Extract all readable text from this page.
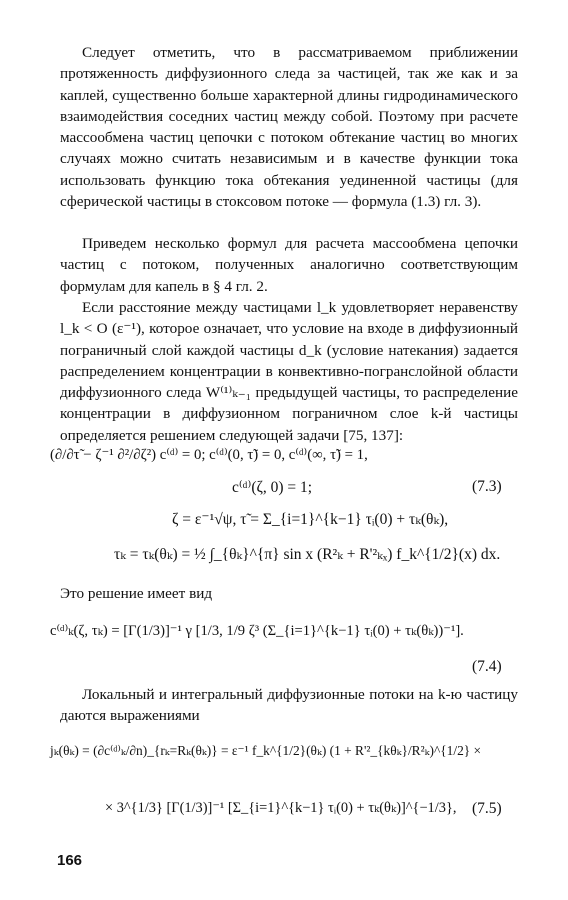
Следует отметить, что в рассматриваемом приближении протяженность диффузионного следа за частицей, так же как и за каплей, существенно больше характерной длины гидродинамического взаимодействия соседних частиц между собой. Поэтому при расчете массообмена частиц цепочки с потоком обтекание частиц во многих случаях можно считать независимым и в качестве функции тока использовать функцию тока обтекания уединенной частицы (для сферической частицы в стоксовом потоке — формула (1.3) гл. 3).

Приведем несколько формул для расчета массообмена цепочки частиц с потоком, полученных аналогично соответствующим формулам для капель в § 4 гл. 2.

Если расстояние между частицами l_k удовлетворяет неравенству l_k < O (ε⁻¹), которое означает, что условие на входе в диффузионный пограничный слой каждой частицы d_k (условие натекания) задается распределением концентрации в конвективно-погранслойной области диффузионного следа W⁽¹⁾ₖ₋₁ предыдущей частицы, то распределение концентрации в диффузионном пограничном слое k-й частицы определяется решением следующей задачи [75, 137]:

(∂/∂τ̃ − ζ⁻¹ ∂²/∂ζ²) c⁽ᵈ⁾ = 0; c⁽ᵈ⁾(0, τ̃) = 0, c⁽ᵈ⁾(∞, τ̃) = 1,
c⁽ᵈ⁾(ζ, 0) = 1;	(7.3)
ζ = ε⁻¹√ψ, τ̃ = Σ_{i=1}^{k−1} τᵢ(0) + τₖ(θₖ),
τₖ = τₖ(θₖ) = ½ ∫_{θₖ}^{π} sin x (R²ₖ + R'²ₖₓ) f_k^{1/2}(x) dx.

Это решение имеет вид

c⁽ᵈ⁾ₖ(ζ, τₖ) = [Γ(1/3)]⁻¹ γ [1/3, 1/9 ζ³ (Σ_{i=1}^{k−1} τᵢ(0) + τₖ(θₖ))⁻¹].
(7.4)

Локальный и интегральный диффузионные потоки на k-ю частицу даются выражениями

jₖ(θₖ) = (∂c⁽ᵈ⁾ₖ/∂n)_{rₖ=Rₖ(θₖ)} = ε⁻¹ f_k^{1/2}(θₖ) (1 + R'²_{kθₖ}/R²ₖ)^{1/2} ×
× 3^{1/3} [Γ(1/3)]⁻¹ [Σ_{i=1}^{k−1} τᵢ(0) + τₖ(θₖ)]^{−1/3}, (7.5)
166
